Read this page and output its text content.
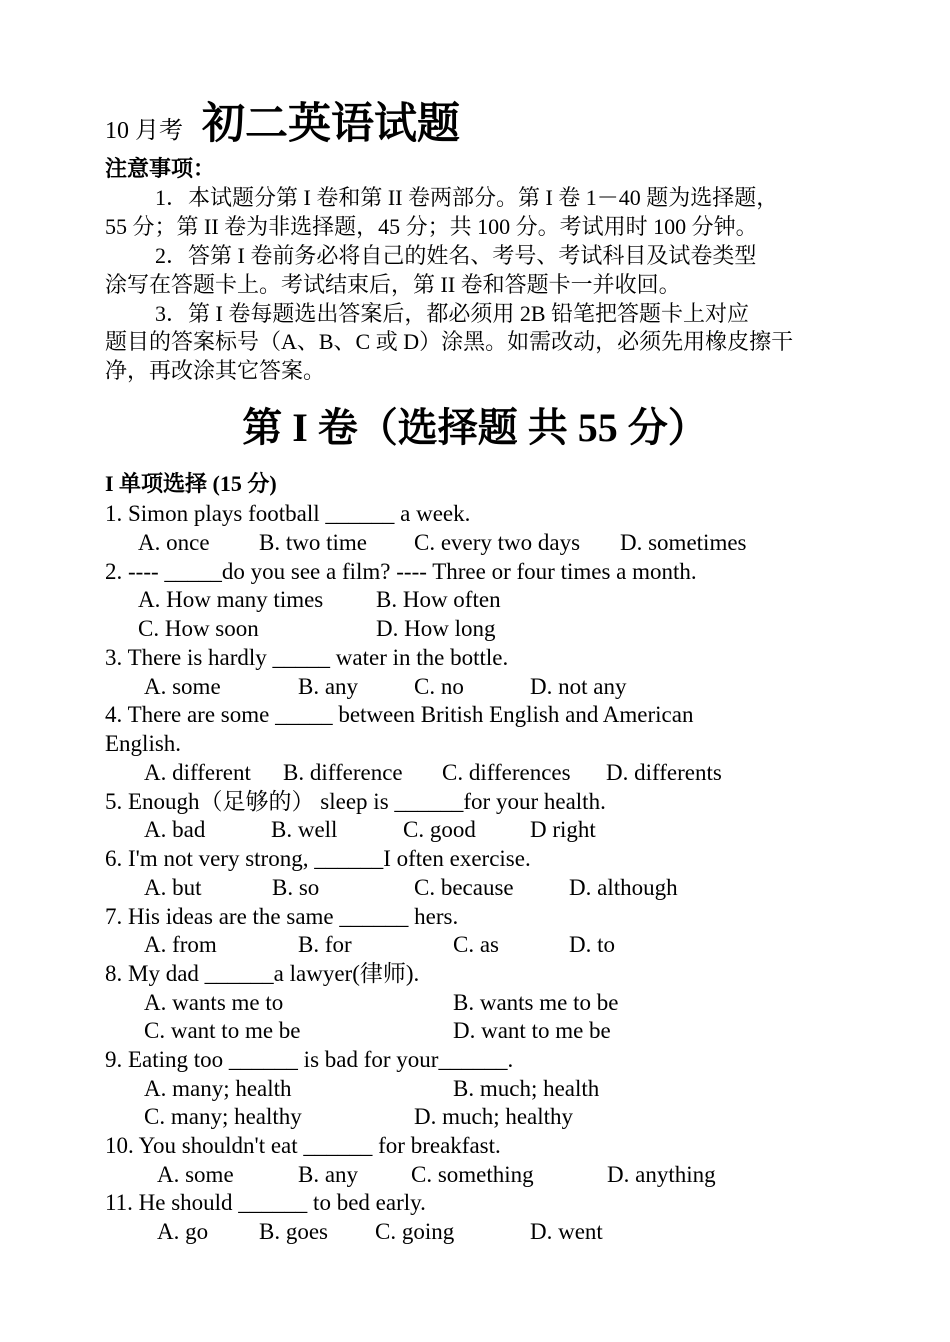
10 月考 初二英语试题
注意事项：
1．本试题分第 I 卷和第 II 卷两部分。第 I 卷 1－40 题为选择题，
55 分；第 II 卷为非选择题，45 分；共 100 分。考试用时 100 分钟。
2．答第 I 卷前务必将自己的姓名、考号、考试科目及试卷类型
涂写在答题卡上。考试结束后，第 II 卷和答题卡一并收回。
3．第 I 卷每题选出答案后，都必须用 2B 铅笔把答题卡上对应
题目的答案标号（A、B、C 或 D）涂黑。如需改动，必须先用橡皮擦干
净，再改涂其它答案。
第 I 卷（选择题 共 55 分）
I 单项选择 (15 分)
1. Simon plays football ______ a week.
A. once B. two time C. every two days D. sometimes
2. ---- _____do you see a film? ---- Three or four times a month.
A. How many times B. How often
C. How soon	D. How long
3. There is hardly _____ water in the bottle.
A. some	B. any C. no	D. not any
4. There are some _____ between British English and American
English.
A. different B. difference C. differences D. differents
5. Enough（足够的） sleep is ______for your health.
A. bad	B. well	C. good D right
6. I'm not very strong, ______I often exercise.
A. but	B. so	C. because D. although
7. His ideas are the same ______ hers.
A. from	B. for	C. as	D. to
8. My dad ______a lawyer(律师).
A. wants me to	B. wants me to be
C. want to me be	D. want to me be
9. Eating too ______ is bad for your______.
A. many; health	B. much; health
C. many; healthy	D. much; healthy
10. You shouldn't eat ______ for breakfast.
A. some	B. any C. something	D. anything
11. He should ______ to bed early.
A. go B. goes C. going	D. went
